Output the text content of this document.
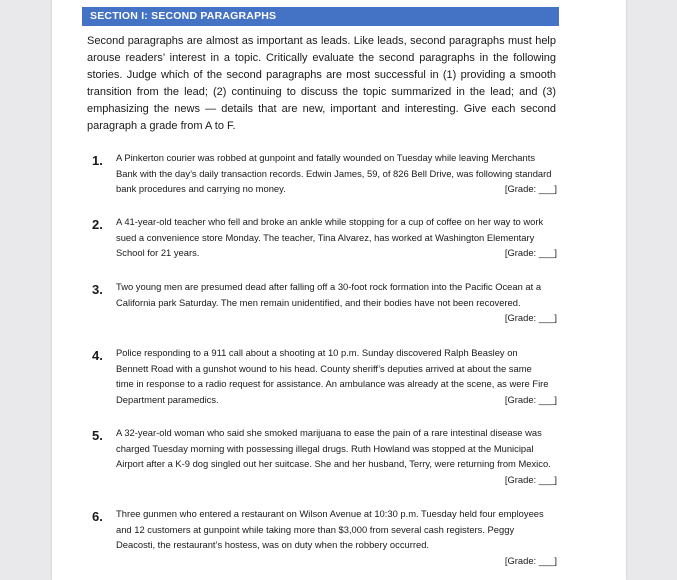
SECTION I: SECOND PARAGRAPHS

Second paragraphs are almost as important as leads. Like leads, second paragraphs must help arouse readers’ interest in a topic. Critically evaluate the second paragraphs in the following stories. Judge which of the second paragraphs are most successful in (1) providing a smooth transition from the lead; (2) continuing to discuss the topic summarized in the lead; and (3) emphasizing the news — details that are new, important and interesting. Give each second paragraph a grade from A to F.

1. A Pinkerton courier was robbed at gunpoint and fatally wounded on Tuesday while leaving Merchants Bank with the day’s daily transaction records. Edwin James, 59, of 826 Bell Drive, was following standard bank procedures and carrying no money.	[Grade: ___]
2. A 41-year-old teacher who fell and broke an ankle while stopping for a cup of coffee on her way to work sued a convenience store Monday. The teacher, Tina Alvarez, has worked at Washington Elementary School for 21 years.	[Grade: ___]
3. Two young men are presumed dead after falling off a 30-foot rock formation into the Pacific Ocean at a California park Saturday. The men remain unidentified, and their bodies have not been recovered.

[Grade: ___]
4. Police responding to a 911 call about a shooting at 10 p.m. Sunday discovered Ralph Beasley on Bennett Road with a gunshot wound to his head. County sheriff’s deputies arrived at about the same time in response to a radio request for assistance. An ambulance was already at the scene, as were Fire Department paramedics.	[Grade: ___]
5. A 32-year-old woman who said she smoked marijuana to ease the pain of a rare intestinal disease was charged Tuesday morning with possessing illegal drugs. Ruth Howland was stopped at the Municipal Airport after a K-9 dog singled out her suitcase. She and her husband, Terry, were returning from Mexico.

[Grade: ___]
6. Three gunmen who entered a restaurant on Wilson Avenue at 10:30 p.m. Tuesday held four employees and 12 customers at gunpoint while taking more than $3,000 from several cash registers. Peggy Deacosti, the restaurant’s hostess, was on duty when the robbery occurred.

[Grade: ___]
